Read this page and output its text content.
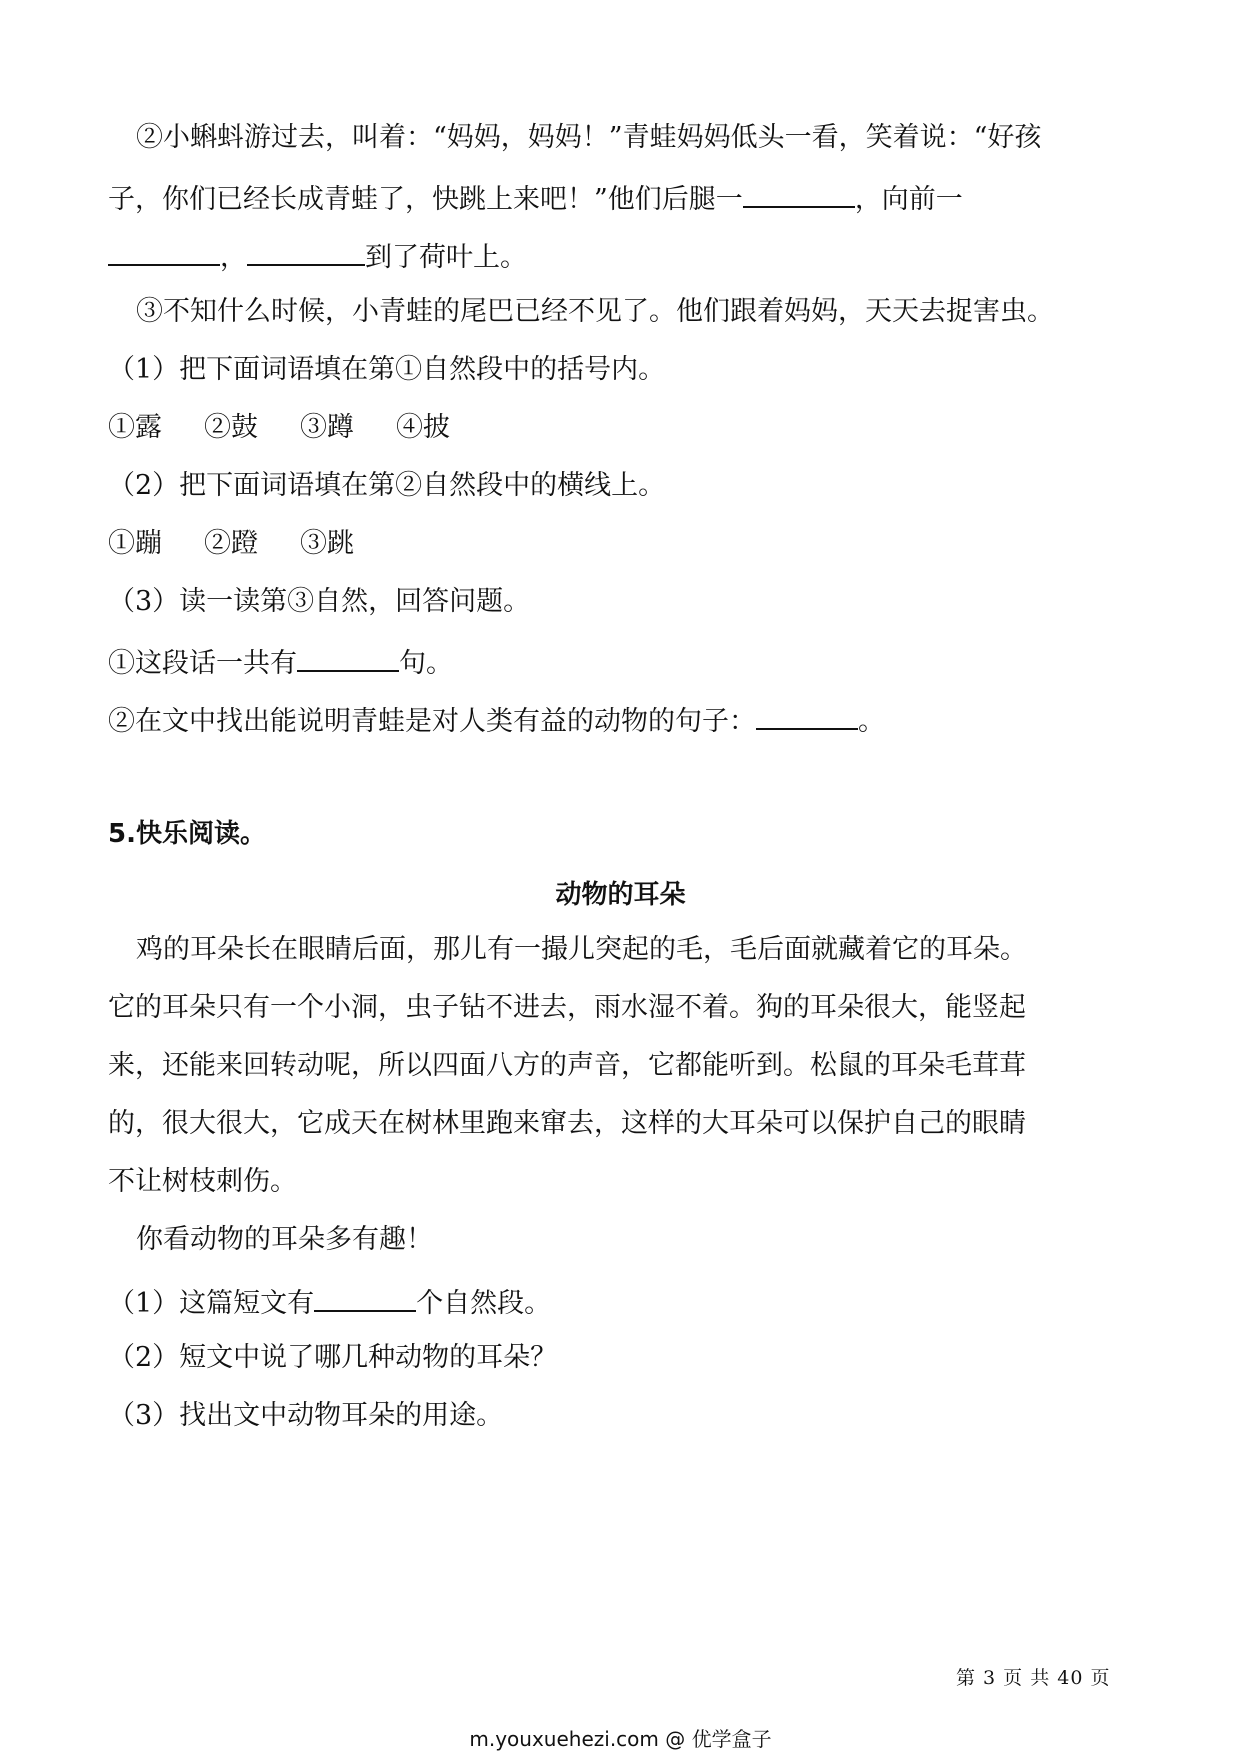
②小蝌蚪游过去，叫着：“妈妈，妈妈！”青蛙妈妈低头一看，笑着说：“好孩
子，你们已经长成青蛙了，快跳上来吧！”他们后腿一	，向前一
，	到了荷叶上。
③不知什么时候，小青蛙的尾巴已经不见了。他们跟着妈妈，天天去捉害虫。
（1）把下面词语填在第①自然段中的括号内。
①露 ②鼓 ③蹲 ④披
（2）把下面词语填在第②自然段中的横线上。
①蹦 ②蹬 ③跳
（3）读一读第③自然，回答问题。
①这段话一共有	句。
②在文中找出能说明青蛙是对人类有益的动物的句子：	。
5.快乐阅读。
动物的耳朵
鸡的耳朵长在眼睛后面，那儿有一撮儿突起的毛，毛后面就藏着它的耳朵。
它的耳朵只有一个小洞，虫子钻不进去，雨水湿不着。狗的耳朵很大，能竖起
来，还能来回转动呢，所以四面八方的声音，它都能听到。松鼠的耳朵毛茸茸
的，很大很大，它成天在树林里跑来窜去，这样的大耳朵可以保护自己的眼睛
不让树枝刺伤。
你看动物的耳朵多有趣！
（1）这篇短文有	个自然段。
（2）短文中说了哪几种动物的耳朵？
（3）找出文中动物耳朵的用途。
第 3 页 共 40 页
m.youxuehezi.com @ 优学盒子
